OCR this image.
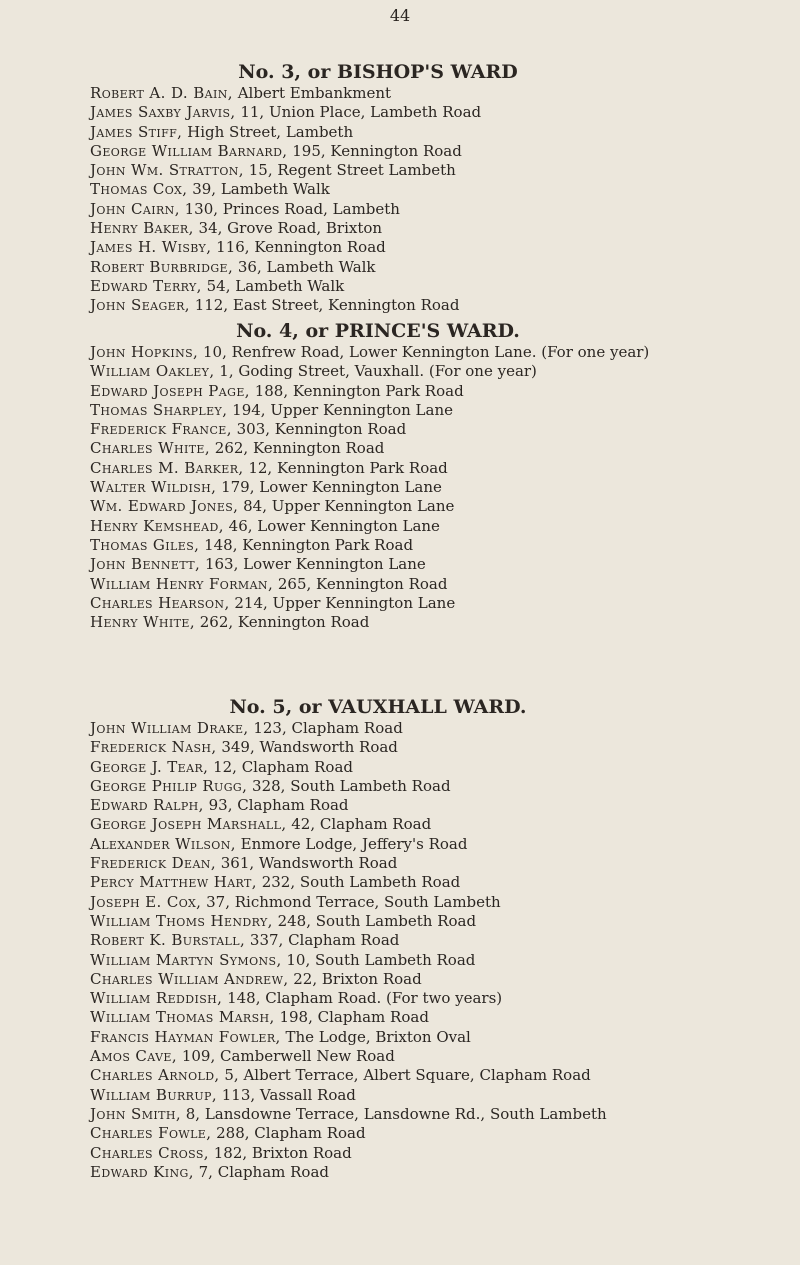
44
No. 3, or BISHOP'S WARD
Robert A. D. Bain, Albert Embankment
James Saxby Jarvis, 11, Union Place, Lambeth Road
James Stiff, High Street, Lambeth
George William Barnard, 195, Kennington Road
John Wm. Stratton, 15, Regent Street Lambeth
Thomas Cox, 39, Lambeth Walk
John Cairn, 130, Princes Road, Lambeth
Henry Baker, 34, Grove Road, Brixton
James H. Wisby, 116, Kennington Road
Robert Burbridge, 36, Lambeth Walk
Edward Terry, 54, Lambeth Walk
John Seager, 112, East Street, Kennington Road
No. 4, or PRINCE'S WARD.
John Hopkins, 10, Renfrew Road, Lower Kennington Lane. (For one year)
William Oakley, 1, Goding Street, Vauxhall. (For one year)
Edward Joseph Page, 188, Kennington Park Road
Thomas Sharpley, 194, Upper Kennington Lane
Frederick France, 303, Kennington Road
Charles White, 262, Kennington Road
Charles M. Barker, 12, Kennington Park Road
Walter Wildish, 179, Lower Kennington Lane
Wm. Edward Jones, 84, Upper Kennington Lane
Henry Kemshead, 46, Lower Kennington Lane
Thomas Giles, 148, Kennington Park Road
John Bennett, 163, Lower Kennington Lane
William Henry Forman, 265, Kennington Road
Charles Hearson, 214, Upper Kennington Lane
Henry White, 262, Kennington Road
No. 5, or VAUXHALL WARD.
John William Drake, 123, Clapham Road
Frederick Nash, 349, Wandsworth Road
George J. Tear, 12, Clapham Road
George Philip Rugg, 328, South Lambeth Road
Edward Ralph, 93, Clapham Road
George Joseph Marshall, 42, Clapham Road
Alexander Wilson, Enmore Lodge, Jeffery's Road
Frederick Dean, 361, Wandsworth Road
Percy Matthew Hart, 232, South Lambeth Road
Joseph E. Cox, 37, Richmond Terrace, South Lambeth
William Thoms Hendry, 248, South Lambeth Road
Robert K. Burstall, 337, Clapham Road
William Martyn Symons, 10, South Lambeth Road
Charles William Andrew, 22, Brixton Road
William Reddish, 148, Clapham Road. (For two years)
William Thomas Marsh, 198, Clapham Road
Francis Hayman Fowler, The Lodge, Brixton Oval
Amos Cave, 109, Camberwell New Road
Charles Arnold, 5, Albert Terrace, Albert Square, Clapham Road
William Burrup, 113, Vassall Road
John Smith, 8, Lansdowne Terrace, Lansdowne Rd., South Lambeth
Charles Fowle, 288, Clapham Road
Charles Cross, 182, Brixton Road
Edward King, 7, Clapham Road
